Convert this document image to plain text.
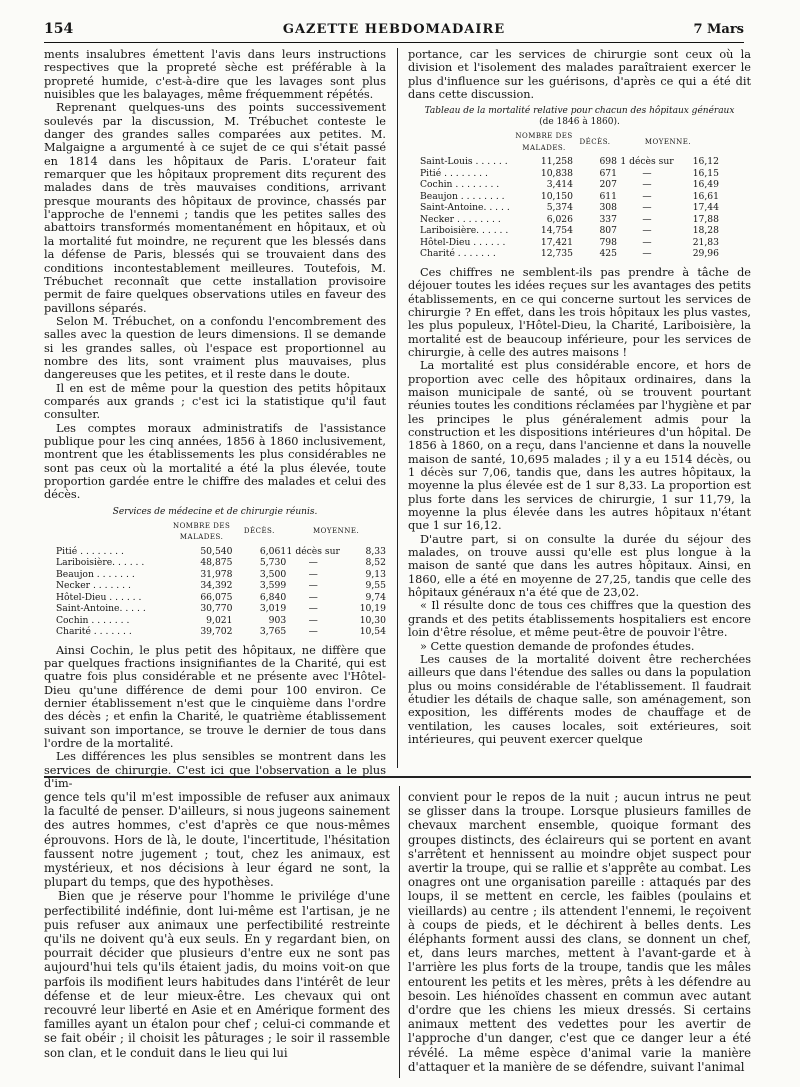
154	GAZETTE HEBDOMADAIRE	7 Mars

ments insalubres émettent l'avis dans leurs instructions respectives que la propreté sèche est préférable à la propreté humide, c'est-à-dire que les lavages sont plus nuisibles que les balayages, même fréquemment répétés.

Reprenant quelques-uns des points successivement soulevés par la discussion, M. Trébuchet conteste le danger des grandes salles comparées aux petites. M. Malgaigne a argumenté à ce sujet de ce qui s'était passé en 1814 dans les hôpitaux de Paris. L'orateur fait remarquer que les hôpitaux proprement dits reçurent des malades dans de très mauvaises conditions, arrivant presque mourants des hôpitaux de province, chassés par l'approche de l'ennemi ; tandis que les petites salles des abattoirs transformés momentanément en hôpitaux, et où la mortalité fut moindre, ne reçurent que les blessés dans la défense de Paris, blessés qui se trouvaient dans des conditions incontestablement meilleures. Toutefois, M. Trébuchet reconnaît que cette installation provisoire permit de faire quelques observations utiles en faveur des pavillons séparés.

Selon M. Trébuchet, on a confondu l'encombrement des salles avec la question de leurs dimensions. Il se demande si les grandes salles, où l'espace est proportionnel au nombre des lits, sont vraiment plus mauvaises, plus dangereuses que les petites, et il reste dans le doute.

Il en est de même pour la question des petits hôpitaux comparés aux grands ; c'est ici la statistique qu'il faut consulter.

Les comptes moraux administratifs de l'assistance publique pour les cinq années, 1856 à 1860 inclusivement, montrent que les établissements les plus considérables ne sont pas ceux où la mortalité a été la plus élevée, toute proportion gardée entre le chiffre des malades et celui des décès.

Services de médecine et de chirurgie réunis.
	NOMBRE DES MALADES.	DÉCÈS.	MOYENNE.	
Pitié . . . . . . . .	50,540	6,061	1 décès sur	8,33
Lariboisière. . . . . .	48,875	5,730	—	8,52
Beaujon . . . . . . .	31,978	3,500	—	9,13
Necker . . . . . . .	34,392	3,599	—	9,55
Hôtel-Dieu . . . . . .	66,075	6,840	—	9,74
Saint-Antoine. . . . .	30,770	3,019	—	10,19
Cochin . . . . . . .	9,021	903	—	10,30
Charité . . . . . . .	39,702	3,765	—	10,54

Ainsi Cochin, le plus petit des hôpitaux, ne diffère que par quelques fractions insignifiantes de la Charité, qui est quatre fois plus considérable et ne présente avec l'Hôtel-Dieu qu'une différence de demi pour 100 environ. Ce dernier établissement n'est que le cinquième dans l'ordre des décès ; et enfin la Charité, le quatrième établissement suivant son importance, se trouve le dernier de tous dans l'ordre de la mortalité.

Les différences les plus sensibles se montrent dans les services de chirurgie. C'est ici que l'observation a le plus d'im-

portance, car les services de chirurgie sont ceux où la division et l'isolement des malades paraîtraient exercer le plus d'influence sur les guérisons, d'après ce qui a été dit dans cette discussion.

Tableau de la mortalité relative pour chacun des hôpitaux généraux
(de 1846 à 1860).
	NOMBRE DES MALADES.	DÉCÈS.	MOYENNE.	
Saint-Louis . . . . . .	11,258	698	1 décès sur	16,12
Pitié . . . . . . . .	10,838	671	—	16,15
Cochin . . . . . . . .	3,414	207	—	16,49
Beaujon . . . . . . . .	10,150	611	—	16,61
Saint-Antoine. . . . .	5,374	308	—	17,44
Necker . . . . . . . .	6,026	337	—	17,88
Lariboisière. . . . . .	14,754	807	—	18,28
Hôtel-Dieu . . . . . .	17,421	798	—	21,83
Charité . . . . . . .	12,735	425	—	29,96

Ces chiffres ne semblent-ils pas prendre à tâche de déjouer toutes les idées reçues sur les avantages des petits établissements, en ce qui concerne surtout les services de chirurgie ? En effet, dans les trois hôpitaux les plus vastes, les plus populeux, l'Hôtel-Dieu, la Charité, Lariboisière, la mortalité est de beaucoup inférieure, pour les services de chirurgie, à celle des autres maisons !

La mortalité est plus considérable encore, et hors de proportion avec celle des hôpitaux ordinaires, dans la maison municipale de santé, où se trouvent pourtant réunies toutes les conditions réclamées par l'hygiène et par les principes le plus généralement admis pour la construction et les dispositions intérieures d'un hôpital. De 1856 à 1860, on a reçu, dans l'ancienne et dans la nouvelle maison de santé, 10,695 malades ; il y a eu 1514 décès, ou 1 décès sur 7,06, tandis que, dans les autres hôpitaux, la moyenne la plus élevée est de 1 sur 8,33. La proportion est plus forte dans les services de chirurgie, 1 sur 11,79, la moyenne la plus élevée dans les autres hôpitaux n'étant que 1 sur 16,12.

D'autre part, si on consulte la durée du séjour des malades, on trouve aussi qu'elle est plus longue à la maison de santé que dans les autres hôpitaux. Ainsi, en 1860, elle a été en moyenne de 27,25, tandis que celle des hôpitaux généraux n'a été que de 23,02.

« Il résulte donc de tous ces chiffres que la question des grands et des petits établissements hospitaliers est encore loin d'être résolue, et même peut-être de pouvoir l'être.

» Cette question demande de profondes études.

Les causes de la mortalité doivent être recherchées ailleurs que dans l'étendue des salles ou dans la population plus ou moins considérable de l'établissement. Il faudrait étudier les détails de chaque salle, son aménagement, son exposition, les différents modes de chauffage et de ventilation, les causes locales, soit extérieures, soit intérieures, qui peuvent exercer quelque

gence tels qu'il m'est impossible de refuser aux animaux la faculté de penser. D'ailleurs, si nous jugeons sainement des autres hommes, c'est d'après ce que nous-mêmes éprouvons. Hors de là, le doute, l'incertitude, l'hésitation faussent notre jugement ; tout, chez les animaux, est mystérieux, et nos décisions à leur égard ne sont, la plupart du temps, que des hypothèses.

Bien que je réserve pour l'homme le privilége d'une perfectibilité indéfinie, dont lui-même est l'artisan, je ne puis refuser aux animaux une perfectibilité restreinte qu'ils ne doivent qu'à eux seuls. En y regardant bien, on pourrait décider que plusieurs d'entre eux ne sont pas aujourd'hui tels qu'ils étaient jadis, du moins voit-on que parfois ils modifient leurs habitudes dans l'intérêt de leur défense et de leur mieux-être. Les chevaux qui ont recouvré leur liberté en Asie et en Amérique forment des familles ayant un étalon pour chef ; celui-ci commande et se fait obéir ; il choisit les pâturages ; le soir il rassemble son clan, et le conduit dans le lieu qui lui

convient pour le repos de la nuit ; aucun intrus ne peut se glisser dans la troupe. Lorsque plusieurs familles de chevaux marchent ensemble, quoique formant des groupes distincts, des éclaireurs qui se portent en avant s'arrêtent et hennissent au moindre objet suspect pour avertir la troupe, qui se rallie et s'apprête au combat. Les onagres ont une organisation pareille : attaqués par des loups, il se mettent en cercle, les faibles (poulains et vieillards) au centre ; ils attendent l'ennemi, le reçoivent à coups de pieds, et le déchirent à belles dents. Les éléphants forment aussi des clans, se donnent un chef, et, dans leurs marches, mettent à l'avant-garde et à l'arrière les plus forts de la troupe, tandis que les mâles entourent les petits et les mères, prêts à les défendre au besoin. Les hiénoïdes chassent en commun avec autant d'ordre que les chiens les mieux dressés. Si certains animaux mettent des vedettes pour les avertir de l'approche d'un danger, c'est que ce danger leur a été révélé. La même espèce d'animal varie la manière d'attaquer et la manière de se défendre, suivant l'animal
